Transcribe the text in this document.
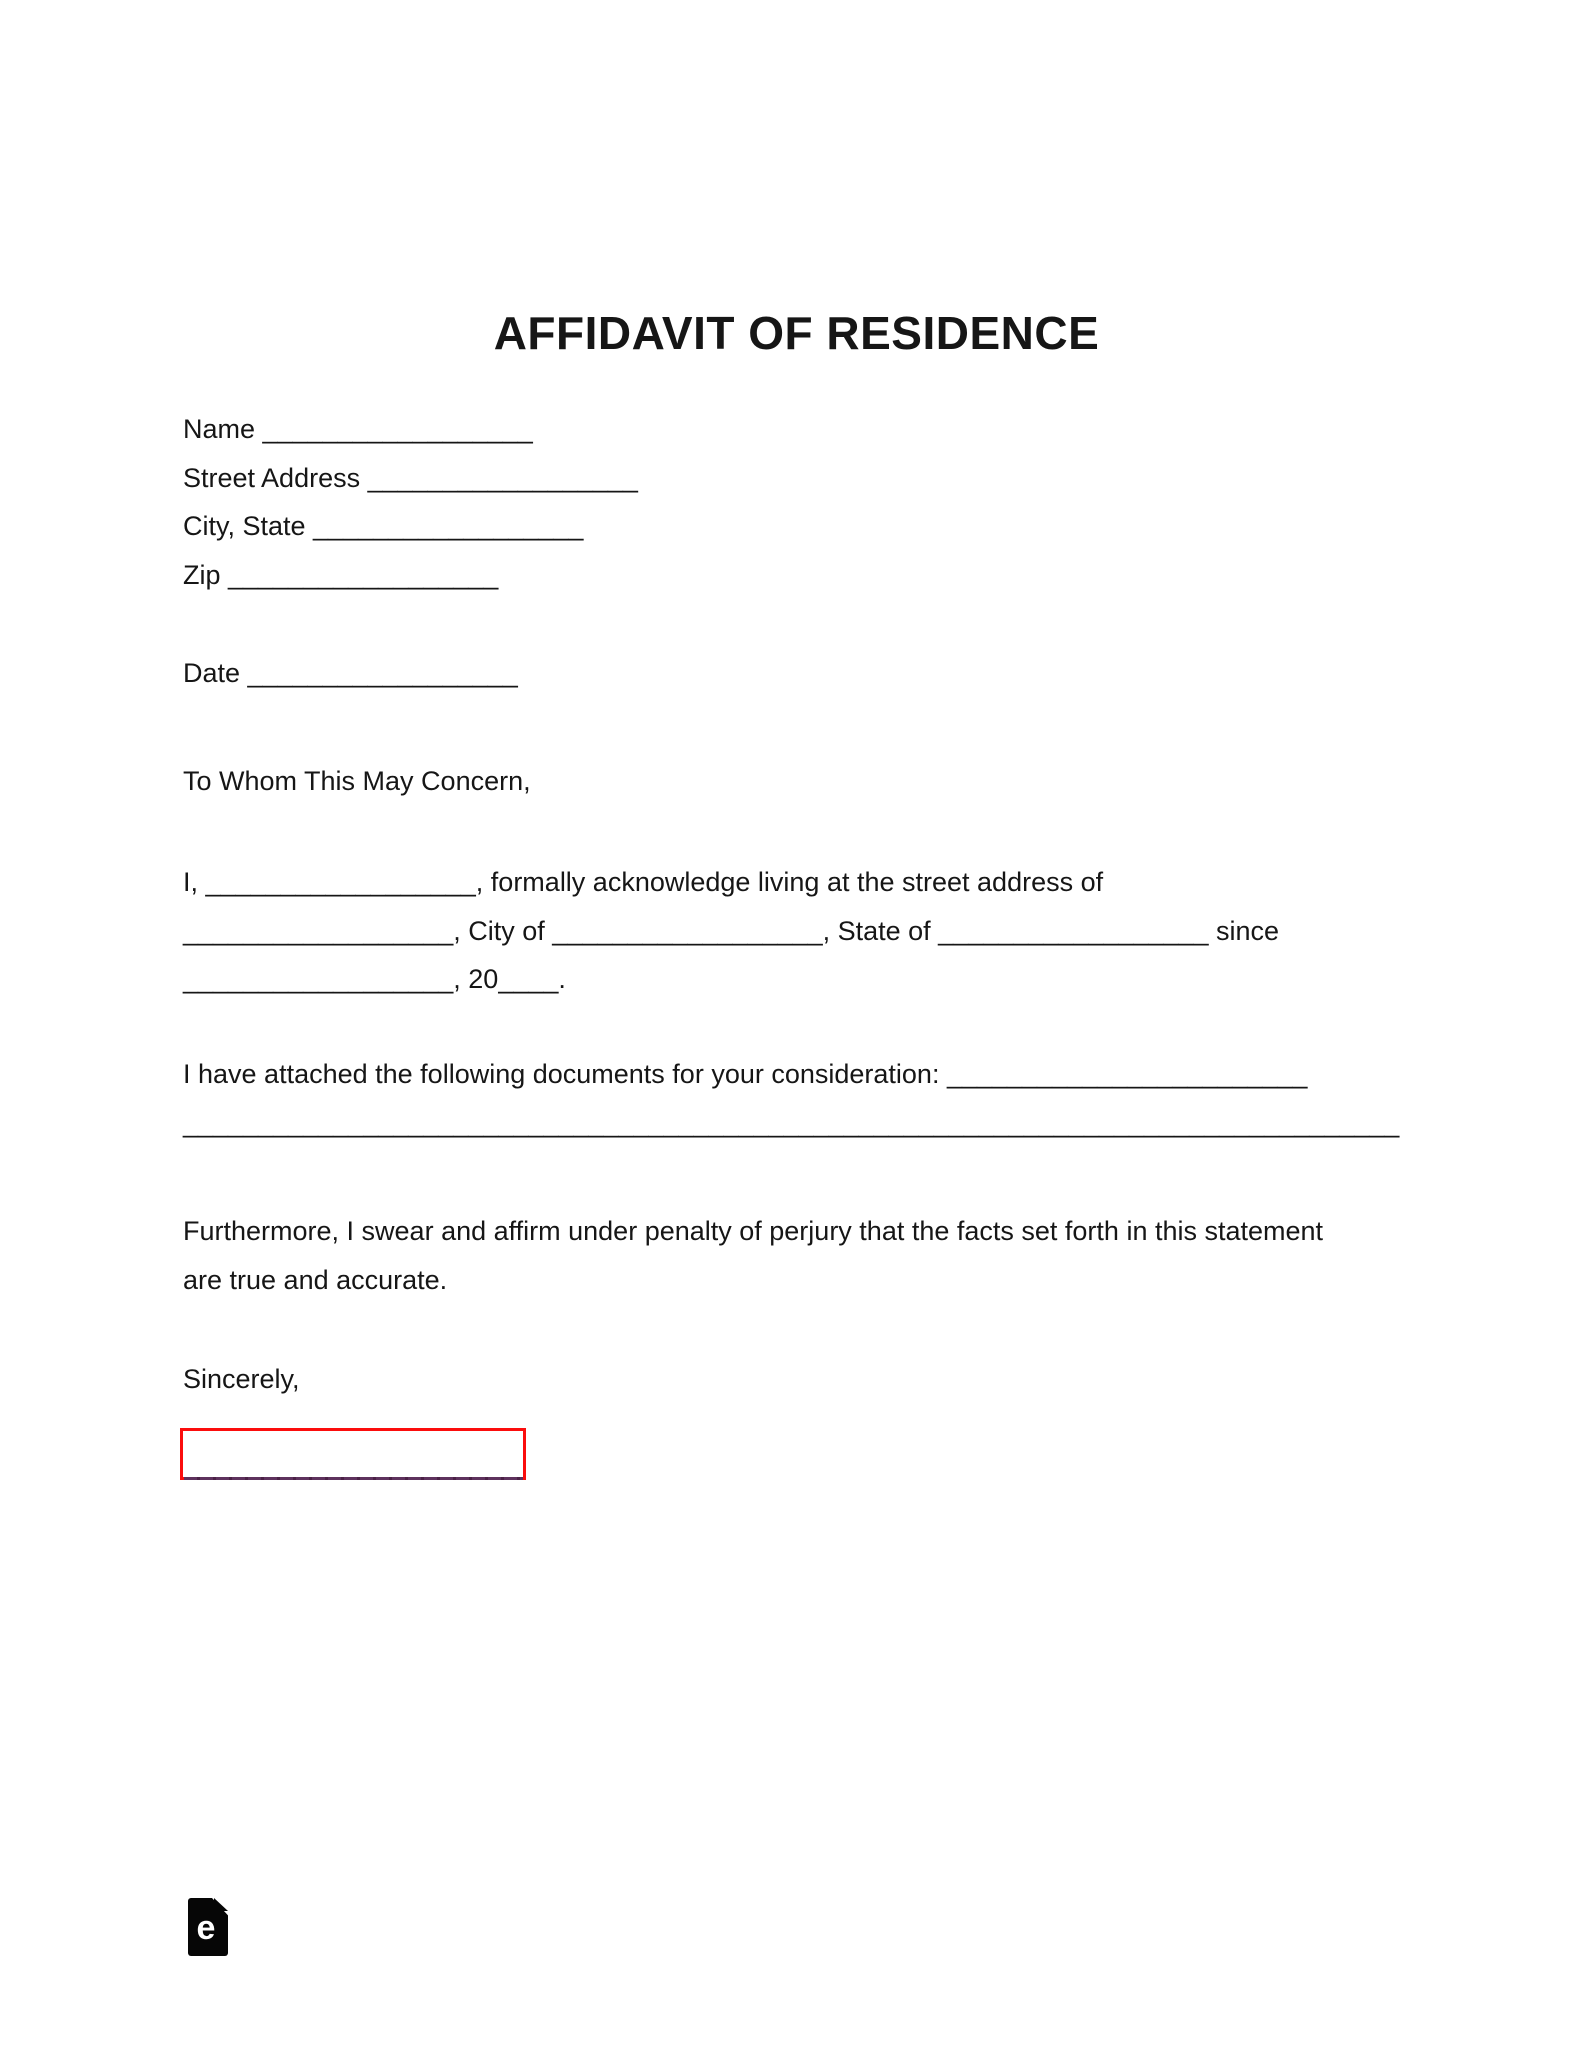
AFFIDAVIT OF RESIDENCE
Name __________________
Street Address __________________
City, State __________________
Zip __________________
Date __________________
To Whom This May Concern,
I, __________________, formally acknowledge living at the street address of
__________________, City of __________________, State of __________________ since
__________________, 20____.
I have attached the following documents for your consideration: ________________________
_________________________________________________________________________________
Furthermore, I swear and affirm under penalty of perjury that the facts set forth in this statement
are true and accurate.
Sincerely,
e
